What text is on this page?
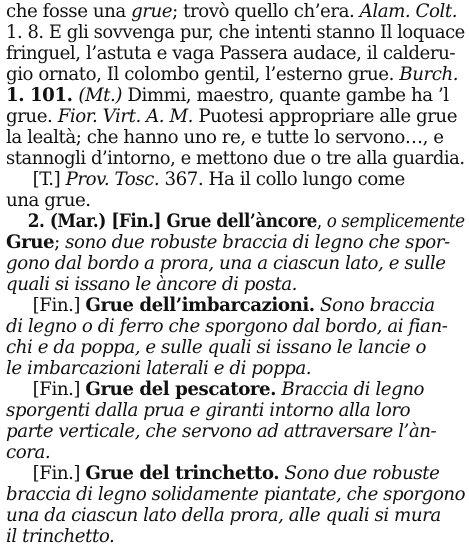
che fosse una grue; trovò quello ch’era. Alam. Colt.
1. 8. E gli sovvenga pur, che intenti stanno Il loquace
fringuel, l’astuta e vaga Passera audace, il calderu-
gio ornato, Il colombo gentil, l’esterno grue. Burch.
1. 101. (Mt.) Dimmi, maestro, quante gambe ha ’l
grue. Fior. Virt. A. M. Puotesi appropriare alle grue
la lealtà; che hanno uno re, e tutte lo servono…, e
stannogli d’intorno, e mettono due o tre alla guardia.
[T.] Prov. Tosc. 367. Ha il collo lungo come
una grue.
2. (Mar.) [Fin.] Grue dell’àncore, o semplicemente
Grue; sono due robuste braccia di legno che spor-
gono dal bordo a prora, una a ciascun lato, e sulle
quali si issano le àncore di posta.
[Fin.] Grue dell’imbarcazioni. Sono braccia
di legno o di ferro che sporgono dal bordo, ai fian-
chi e da poppa, e sulle quali si issano le lancie o
le imbarcazioni laterali e di poppa.
[Fin.] Grue del pescatore. Braccia di legno
sporgenti dalla prua e giranti intorno alla loro
parte verticale, che servono ad attraversare l’àn-
cora.
[Fin.] Grue del trinchetto. Sono due robuste
braccia di legno solidamente piantate, che sporgono
una da ciascun lato della prora, alle quali si mura
il trinchetto.
